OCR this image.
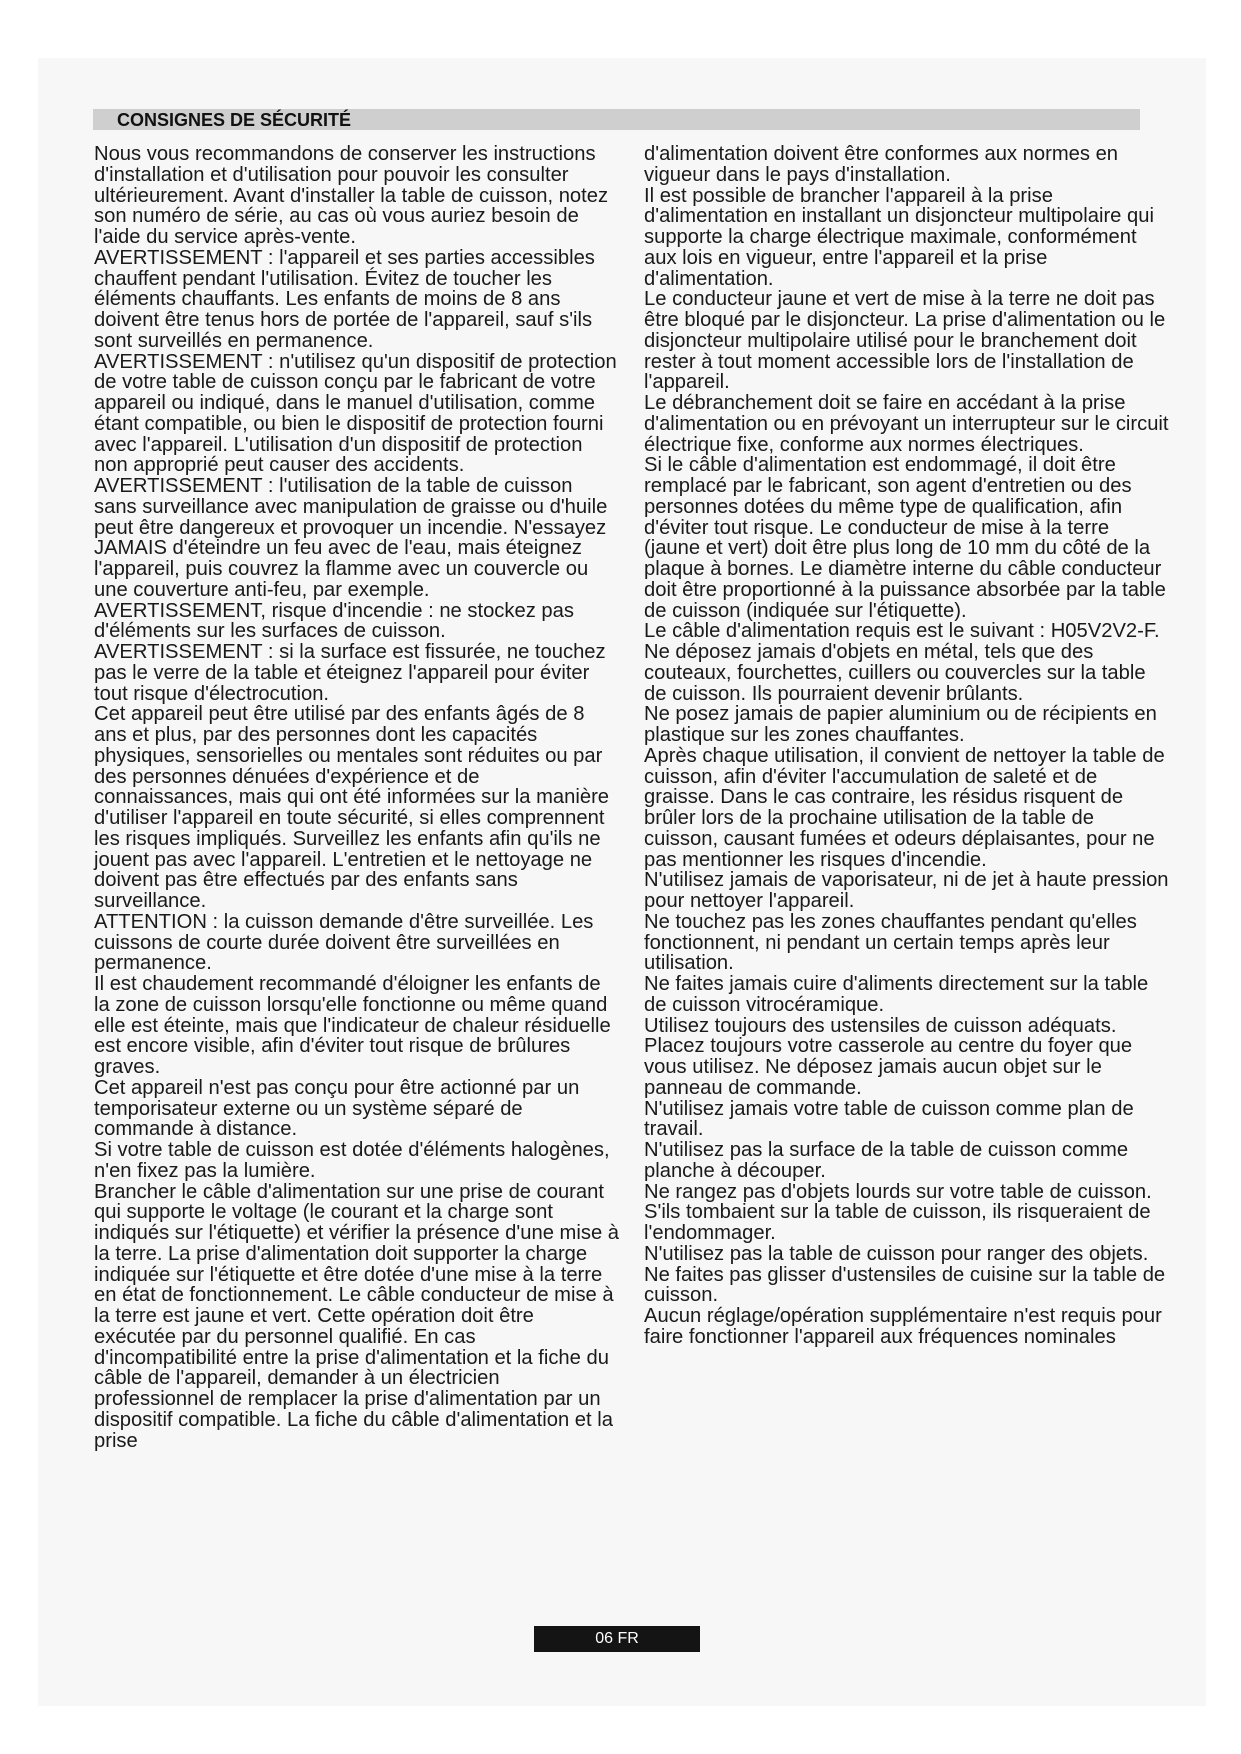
CONSIGNES DE SÉCURITÉ

Nous vous recommandons de conserver les instructions d'installation et d'utilisation pour pouvoir les consulter ultérieurement. Avant d'installer la table de cuisson, notez son numéro de série, au cas où vous auriez besoin de l'aide du service après-vente.

AVERTISSEMENT : l'appareil et ses parties accessibles chauffent pendant l'utilisation. Évitez de toucher les éléments chauffants. Les enfants de moins de 8 ans doivent être tenus hors de portée de l'appareil, sauf s'ils sont surveillés en permanence.

AVERTISSEMENT : n'utilisez qu'un dispositif de protection de votre table de cuisson conçu par le fabricant de votre appareil ou indiqué, dans le manuel d'utilisation, comme étant compatible, ou bien le dispositif de protection fourni avec l'appareil. L'utilisation d'un dispositif de protection non approprié peut causer des accidents.

AVERTISSEMENT : l'utilisation de la table de cuisson sans surveillance avec manipulation de graisse ou d'huile peut être dangereux et provoquer un incendie. N'essayez JAMAIS d'éteindre un feu avec de l'eau, mais éteignez l'appareil, puis couvrez la flamme avec un couvercle ou une couverture anti-feu, par exemple.

AVERTISSEMENT, risque d'incendie : ne stockez pas d'éléments sur les surfaces de cuisson.

AVERTISSEMENT : si la surface est fissurée, ne touchez pas le verre de la table et éteignez l'appareil pour éviter tout risque d'électrocution.

Cet appareil peut être utilisé par des enfants âgés de 8 ans et plus, par des personnes dont les capacités physiques, sensorielles ou mentales sont réduites ou par des personnes dénuées d'expérience et de connaissances, mais qui ont été informées sur la manière d'utiliser l'appareil en toute sécurité, si elles comprennent les risques impliqués. Surveillez les enfants afin qu'ils ne jouent pas avec l'appareil. L'entretien et le nettoyage ne doivent pas être effectués par des enfants sans surveillance.

ATTENTION : la cuisson demande d'être surveillée. Les cuissons de courte durée doivent être surveillées en permanence.

Il est chaudement recommandé d'éloigner les enfants de la zone de cuisson lorsqu'elle fonctionne ou même quand elle est éteinte, mais que l'indicateur de chaleur résiduelle est encore visible, afin d'éviter tout risque de brûlures graves.

Cet appareil n'est pas conçu pour être actionné par un temporisateur externe ou un système séparé de commande à distance.

Si votre table de cuisson est dotée d'éléments halogènes, n'en fixez pas la lumière.

Brancher le câble d'alimentation sur une prise de courant qui supporte le voltage (le courant et la charge sont indiqués sur l'étiquette) et vérifier la présence d'une mise à la terre. La prise d'alimentation doit supporter la charge indiquée sur l'étiquette et être dotée d'une mise à la terre en état de fonctionnement. Le câble conducteur de mise à la terre est jaune et vert. Cette opération doit être exécutée par du personnel qualifié. En cas d'incompatibilité entre la prise d'alimentation et la fiche du câble de l'appareil, demander à un électricien professionnel de remplacer la prise d'alimentation par un dispositif compatible. La fiche du câble d'alimentation et la prise

d'alimentation doivent être conformes aux normes en vigueur dans le pays d'installation.

Il est possible de brancher l'appareil à la prise d'alimentation en installant un disjoncteur multipolaire qui supporte la charge électrique maximale, conformément aux lois en vigueur, entre l'appareil et la prise d'alimentation.

Le conducteur jaune et vert de mise à la terre ne doit pas être bloqué par le disjoncteur. La prise d'alimentation ou le disjoncteur multipolaire utilisé pour le branchement doit rester à tout moment accessible lors de l'installation de l'appareil.

Le débranchement doit se faire en accédant à la prise d'alimentation ou en prévoyant un interrupteur sur le circuit électrique fixe, conforme aux normes électriques.

Si le câble d'alimentation est endommagé, il doit être remplacé par le fabricant, son agent d'entretien ou des personnes dotées du même type de qualification, afin d'éviter tout risque. Le conducteur de mise à la terre (jaune et vert) doit être plus long de 10 mm du côté de la plaque à bornes. Le diamètre interne du câble conducteur doit être proportionné à la puissance absorbée par la table de cuisson (indiquée sur l'étiquette).

Le câble d'alimentation requis est le suivant : H05V2V2-F.

Ne déposez jamais d'objets en métal, tels que des couteaux, fourchettes, cuillers ou couvercles sur la table de cuisson. Ils pourraient devenir brûlants.

Ne posez jamais de papier aluminium ou de récipients en plastique sur les zones chauffantes.

Après chaque utilisation, il convient de nettoyer la table de cuisson, afin d'éviter l'accumulation de saleté et de graisse. Dans le cas contraire, les résidus risquent de brûler lors de la prochaine utilisation de la table de cuisson, causant fumées et odeurs déplaisantes, pour ne pas mentionner les risques d'incendie.

N'utilisez jamais de vaporisateur, ni de jet à haute pression pour nettoyer l'appareil.

Ne touchez pas les zones chauffantes pendant qu'elles fonctionnent, ni pendant un certain temps après leur utilisation.

Ne faites jamais cuire d'aliments directement sur la table de cuisson vitrocéramique.

Utilisez toujours des ustensiles de cuisson adéquats.

Placez toujours votre casserole au centre du foyer que vous utilisez. Ne déposez jamais aucun objet sur le panneau de commande.

N'utilisez jamais votre table de cuisson comme plan de travail.

N'utilisez pas la surface de la table de cuisson comme planche à découper.

Ne rangez pas d'objets lourds sur votre table de cuisson. S'ils tombaient sur la table de cuisson, ils risqueraient de l'endommager.

N'utilisez pas la table de cuisson pour ranger des objets.

Ne faites pas glisser d'ustensiles de cuisine sur la table de cuisson.

Aucun réglage/opération supplémentaire n'est requis pour faire fonctionner l'appareil aux fréquences nominales

06 FR
